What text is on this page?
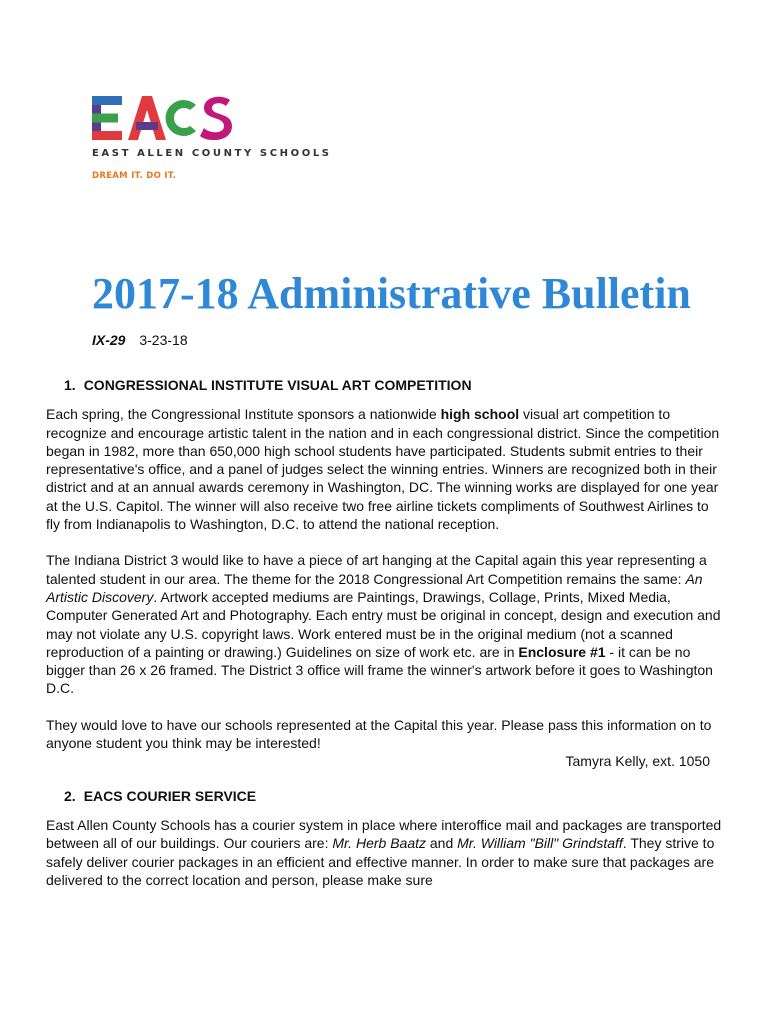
EAST ALLEN COUNTY SCHOOLS
DREAM IT. DO IT.
2017-18 Administrative Bulletin
IX-29 3-23-18
1. CONGRESSIONAL INSTITUTE VISUAL ART COMPETITION
Each spring, the Congressional Institute sponsors a nationwide high school visual art competition to recognize and encourage artistic talent in the nation and in each congressional district. Since the competition began in 1982, more than 650,000 high school students have participated. Students submit entries to their representative's office, and a panel of judges select the winning entries. Winners are recognized both in their district and at an annual awards ceremony in Washington, DC. The winning works are displayed for one year at the U.S. Capitol. The winner will also receive two free airline tickets compliments of Southwest Airlines to fly from Indianapolis to Washington, D.C. to attend the national reception.
The Indiana District 3 would like to have a piece of art hanging at the Capital again this year representing a talented student in our area. The theme for the 2018 Congressional Art Competition remains the same: An Artistic Discovery. Artwork accepted mediums are Paintings, Drawings, Collage, Prints, Mixed Media, Computer Generated Art and Photography. Each entry must be original in concept, design and execution and may not violate any U.S. copyright laws. Work entered must be in the original medium (not a scanned reproduction of a painting or drawing.) Guidelines on size of work etc. are in Enclosure #1 - it can be no bigger than 26 x 26 framed. The District 3 office will frame the winner's artwork before it goes to Washington D.C.
They would love to have our schools represented at the Capital this year. Please pass this information on to anyone student you think may be interested!
Tamyra Kelly, ext. 1050
2. EACS COURIER SERVICE
East Allen County Schools has a courier system in place where interoffice mail and packages are transported between all of our buildings. Our couriers are: Mr. Herb Baatz and Mr. William "Bill" Grindstaff. They strive to safely deliver courier packages in an efficient and effective manner. In order to make sure that packages are delivered to the correct location and person, please make sure
